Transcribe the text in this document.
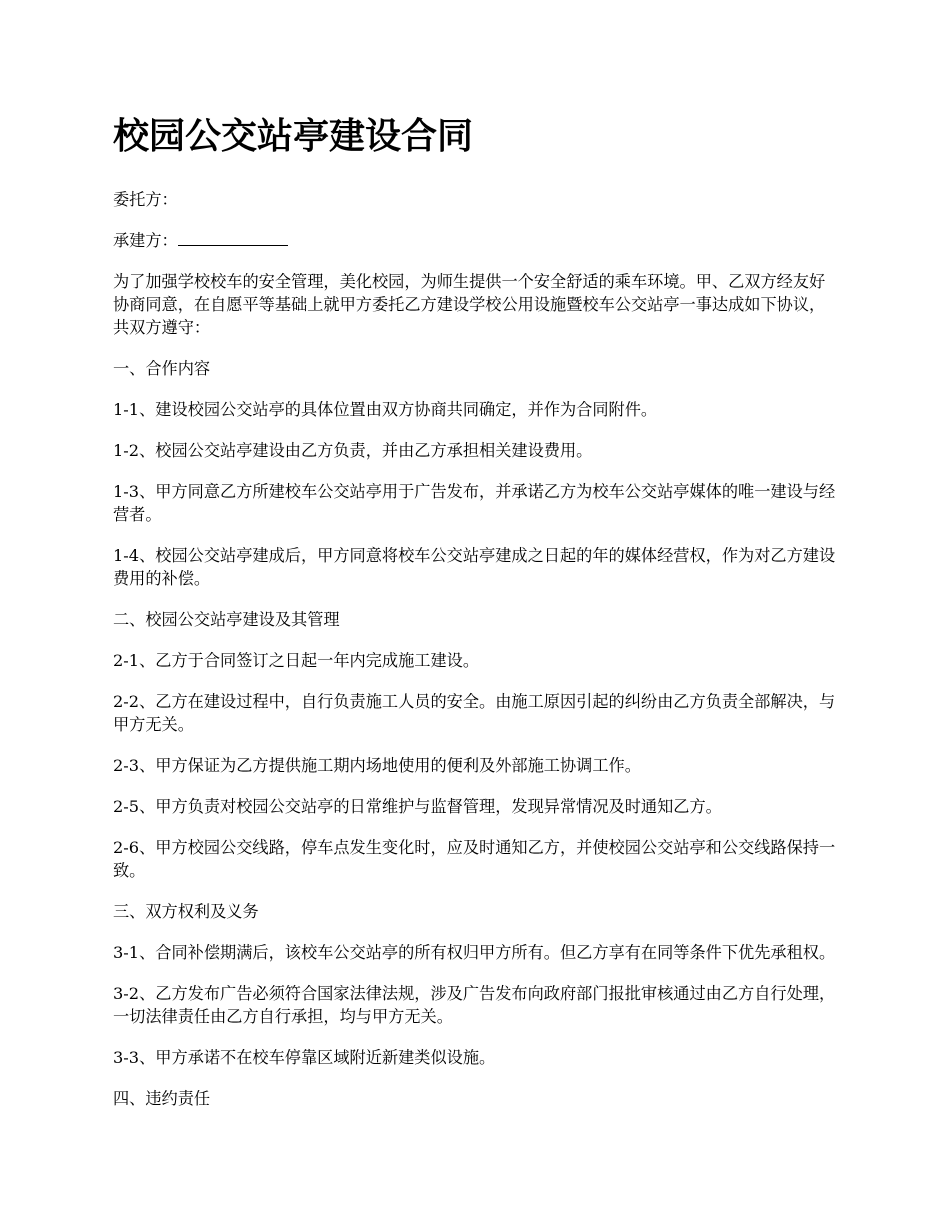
校园公交站亭建设合同

委托方：

承建方：

为了加强学校校车的安全管理，美化校园，为师生提供一个安全舒适的乘车环境。甲、乙双方经友好协商同意，在自愿平等基础上就甲方委托乙方建设学校公用设施暨校车公交站亭一事达成如下协议，共双方遵守：

一、合作内容

1-1、建设校园公交站亭的具体位置由双方协商共同确定，并作为合同附件。

1-2、校园公交站亭建设由乙方负责，并由乙方承担相关建设费用。

1-3、甲方同意乙方所建校车公交站亭用于广告发布，并承诺乙方为校车公交站亭媒体的唯一建设与经营者。

1-4、校园公交站亭建成后，甲方同意将校车公交站亭建成之日起的年的媒体经营权，作为对乙方建设费用的补偿。

二、校园公交站亭建设及其管理

2-1、乙方于合同签订之日起一年内完成施工建设。

2-2、乙方在建设过程中，自行负责施工人员的安全。由施工原因引起的纠纷由乙方负责全部解决，与甲方无关。

2-3、甲方保证为乙方提供施工期内场地使用的便利及外部施工协调工作。

2-5、甲方负责对校园公交站亭的日常维护与监督管理，发现异常情况及时通知乙方。

2-6、甲方校园公交线路，停车点发生变化时，应及时通知乙方，并使校园公交站亭和公交线路保持一致。

三、双方权利及义务

3-1、合同补偿期满后，该校车公交站亭的所有权归甲方所有。但乙方享有在同等条件下优先承租权。

3-2、乙方发布广告必须符合国家法律法规，涉及广告发布向政府部门报批审核通过由乙方自行处理，一切法律责任由乙方自行承担，均与甲方无关。

3-3、甲方承诺不在校车停靠区域附近新建类似设施。

四、违约责任
